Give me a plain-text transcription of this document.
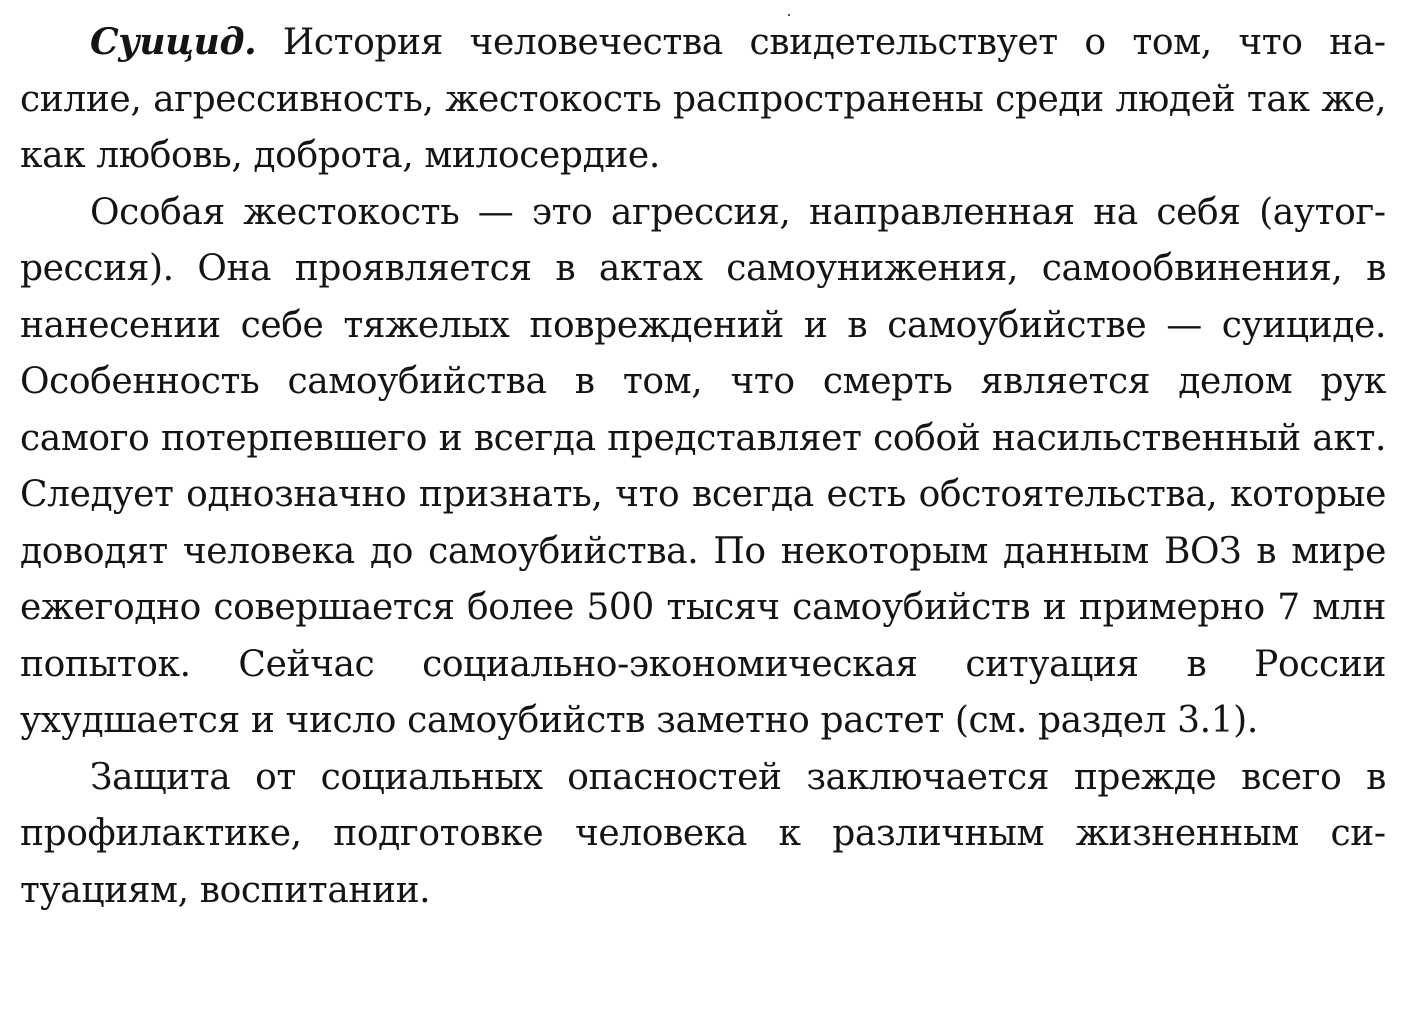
Суицид. История человечества свидетельствует о том, что насилие, агрессивность, жестокость распространены среди людей так же, как любовь, доброта, милосердие.

Особая жестокость — это агрессия, направленная на себя (аутогрессия). Она проявляется в актах самоунижения, самообвинения, в нанесении себе тяжелых повреждений и в самоубийстве — суициде. Особенность самоубийства в том, что смерть является делом рук самого потерпевшего и всегда представляет собой насильственный акт. Следует однозначно признать, что всегда есть обстоятельства, которые доводят человека до самоубийства. По некоторым данным ВОЗ в мире ежегодно совершается более 500 тысяч самоубийств и примерно 7 млн попыток. Сейчас социально-экономическая ситуация в России ухудшается и число самоубийств заметно растет (см. раздел 3.1).

Защита от социальных опасностей заключается прежде всего в профилактике, подготовке человека к различным жизненным ситуациям, воспитании.
